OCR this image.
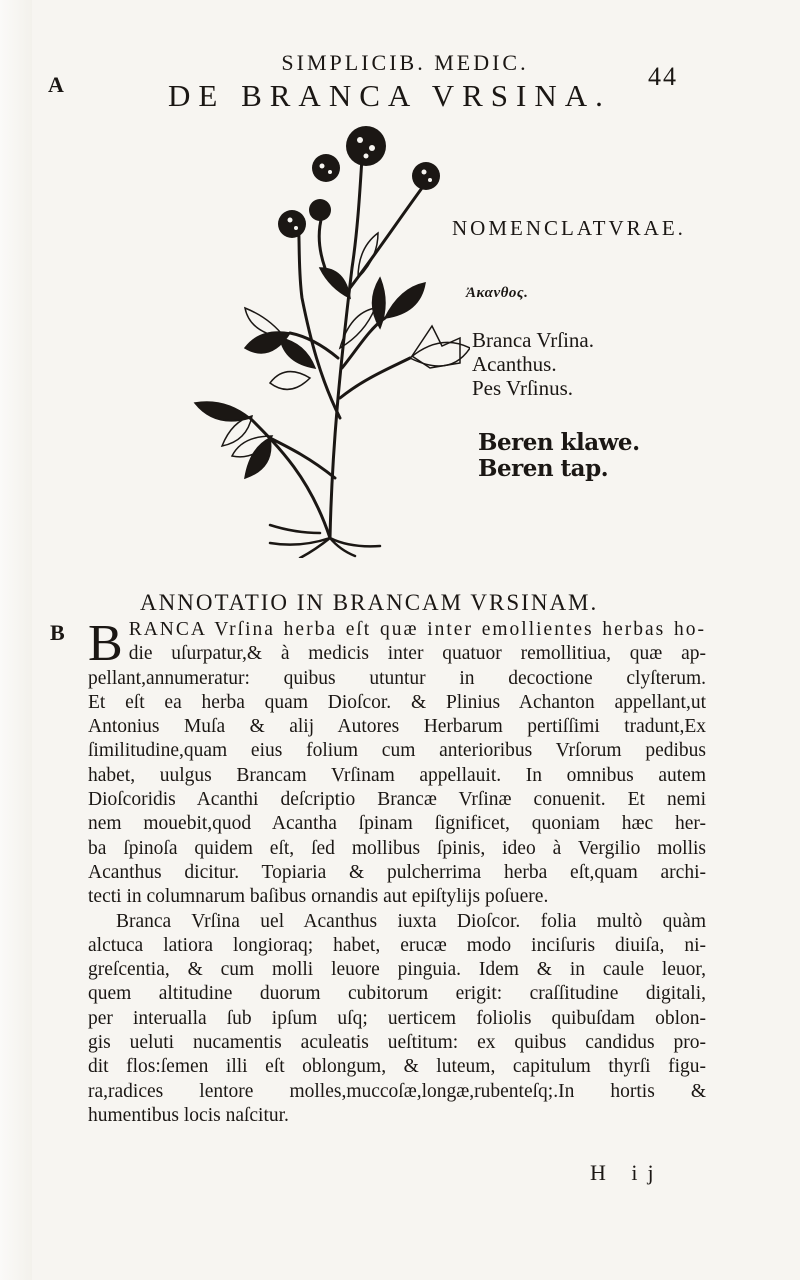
SIMPLICIB. MEDIC.	44
A	DE BRANCA VRSINA.
NOMENCLATVRAE.
Ἀκανθος.
Branca Vrſina.
Acanthus.
Pes Vrſinus.
Beren klawe.
Beren tap.
ANNOTATIO IN BRANCAM VRSINAM.
B B RANCA Vrſina herba eſt quæ inter emollientes herbas ho-
die uſurpatur,& à medicis inter quatuor remollitiua, quæ ap-
pellant,annumeratur: quibus utuntur in decoctione clyſterum.
Et eſt ea herba quam Dioſcor. & Plinius Achanton appellant,ut
Antonius Muſa & alij Autores Herbarum pertiſſimi tradunt,Ex
ſimilitudine,quam eius folium cum anterioribus Vrſorum pedibus
habet, uulgus Brancam Vrſinam appellauit. In omnibus autem
Dioſcoridis Acanthi deſcriptio Brancæ Vrſinæ conuenit. Et nemi
nem mouebit,quod Acantha ſpinam ſignificet, quoniam hæc her-
ba ſpinoſa quidem eſt, ſed mollibus ſpinis, ideo à Vergilio mollis
Acanthus dicitur. Topiaria & pulcherrima herba eſt,quam archi-
tecti in columnarum baſibus ornandis aut epiſtylijs poſuere.
Branca Vrſina uel Acanthus iuxta Dioſcor. folia multò quàm
alctuca latiora longioraq; habet, erucæ modo inciſuris diuiſa, ni-
greſcentia, & cum molli leuore pinguia. Idem & in caule leuor,
quem altitudine duorum cubitorum erigit: craſſitudine digitali,
per interualla ſub ipſum uſq; uerticem foliolis quibuſdam oblon-
gis ueluti nucamentis aculeatis ueſtitum: ex quibus candidus pro-
dit flos:ſemen illi eſt oblongum, & luteum, capitulum thyrſi figu-
ra,radices lentore molles,muccoſæ,longæ,rubenteſq;.In hortis &
humentibus locis naſcitur.
H ij
